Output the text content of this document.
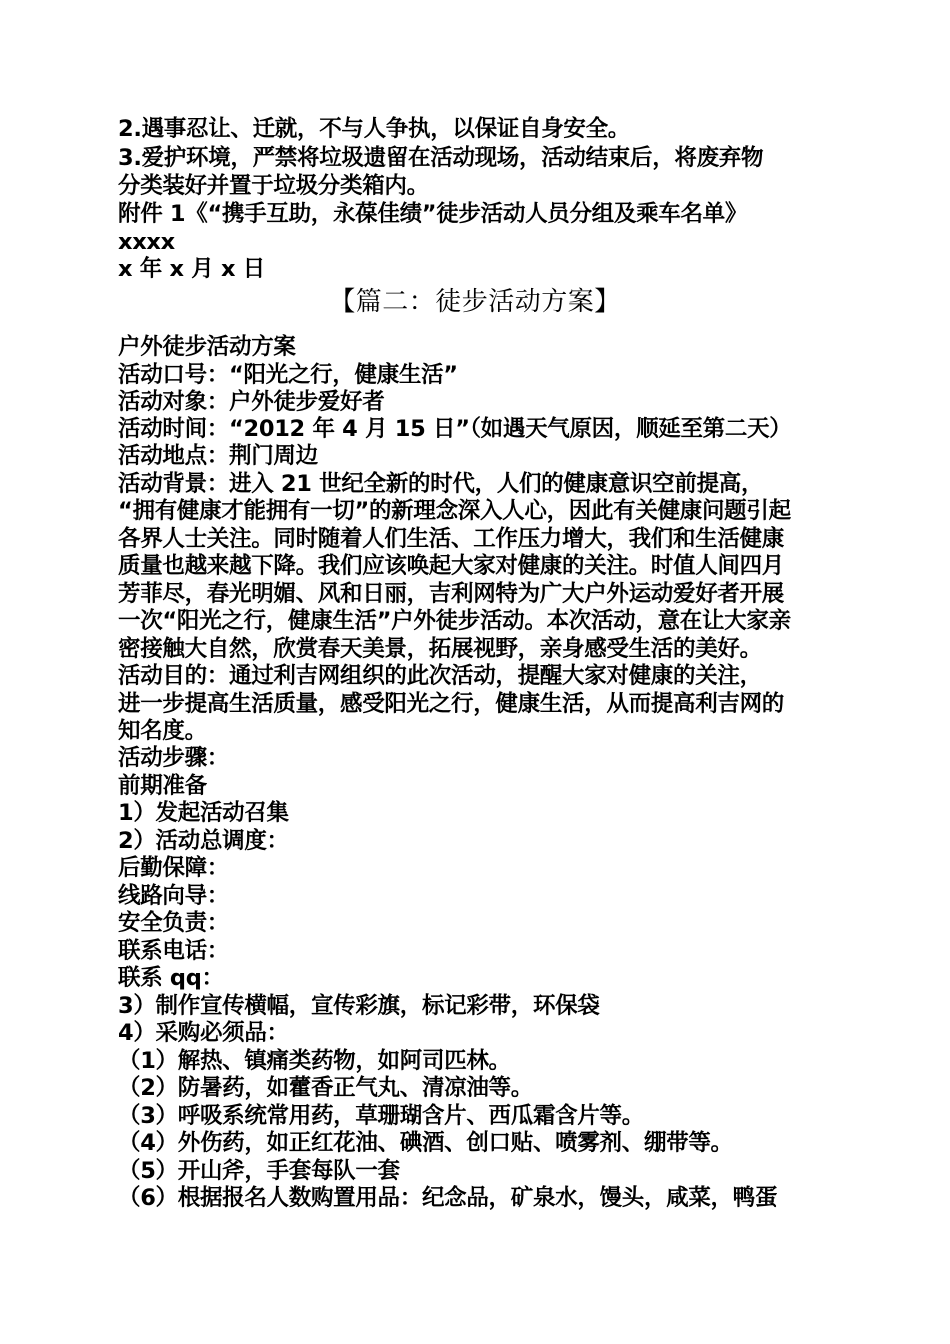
2.遇事忍让、迁就，不与人争执，以保证自身安全。
3.爱护环境，严禁将垃圾遗留在活动现场，活动结束后，将废弃物
分类装好并置于垃圾分类箱内。
附件 1《“携手互助，永葆佳绩”徒步活动人员分组及乘车名单》
xxxx
x 年 x 月 x 日
【篇二：徒步活动方案】
户外徒步活动方案
活动口号：“阳光之行，健康生活”
活动对象：户外徒步爱好者
活动时间：“2012 年 4 月 15 日”（如遇天气原因，顺延至第二天）
活动地点：荆门周边
活动背景：进入 21 世纪全新的时代，人们的健康意识空前提高，
“拥有健康才能拥有一切”的新理念深入人心，因此有关健康问题引起
各界人士关注。同时随着人们生活、工作压力增大，我们和生活健康
质量也越来越下降。我们应该唤起大家对健康的关注。时值人间四月
芳菲尽，春光明媚、风和日丽，吉利网特为广大户外运动爱好者开展
一次“阳光之行，健康生活”户外徒步活动。本次活动，意在让大家亲
密接触大自然，欣赏春天美景，拓展视野，亲身感受生活的美好。
活动目的：通过利吉网组织的此次活动，提醒大家对健康的关注，
进一步提高生活质量，感受阳光之行，健康生活，从而提高利吉网的
知名度。
活动步骤：
前期准备
1）发起活动召集
2）活动总调度：
后勤保障：
线路向导：
安全负责：
联系电话：
联系 qq：
3）制作宣传横幅，宣传彩旗，标记彩带，环保袋
4）采购必须品：
（1）解热、镇痛类药物，如阿司匹林。
（2）防暑药，如藿香正气丸、清凉油等。
（3）呼吸系统常用药，草珊瑚含片、西瓜霜含片等。
（4）外伤药，如正红花油、碘酒、创口贴、喷雾剂、绷带等。
（5）开山斧，手套每队一套
（6）根据报名人数购置用品：纪念品，矿泉水，馒头，咸菜，鸭蛋
